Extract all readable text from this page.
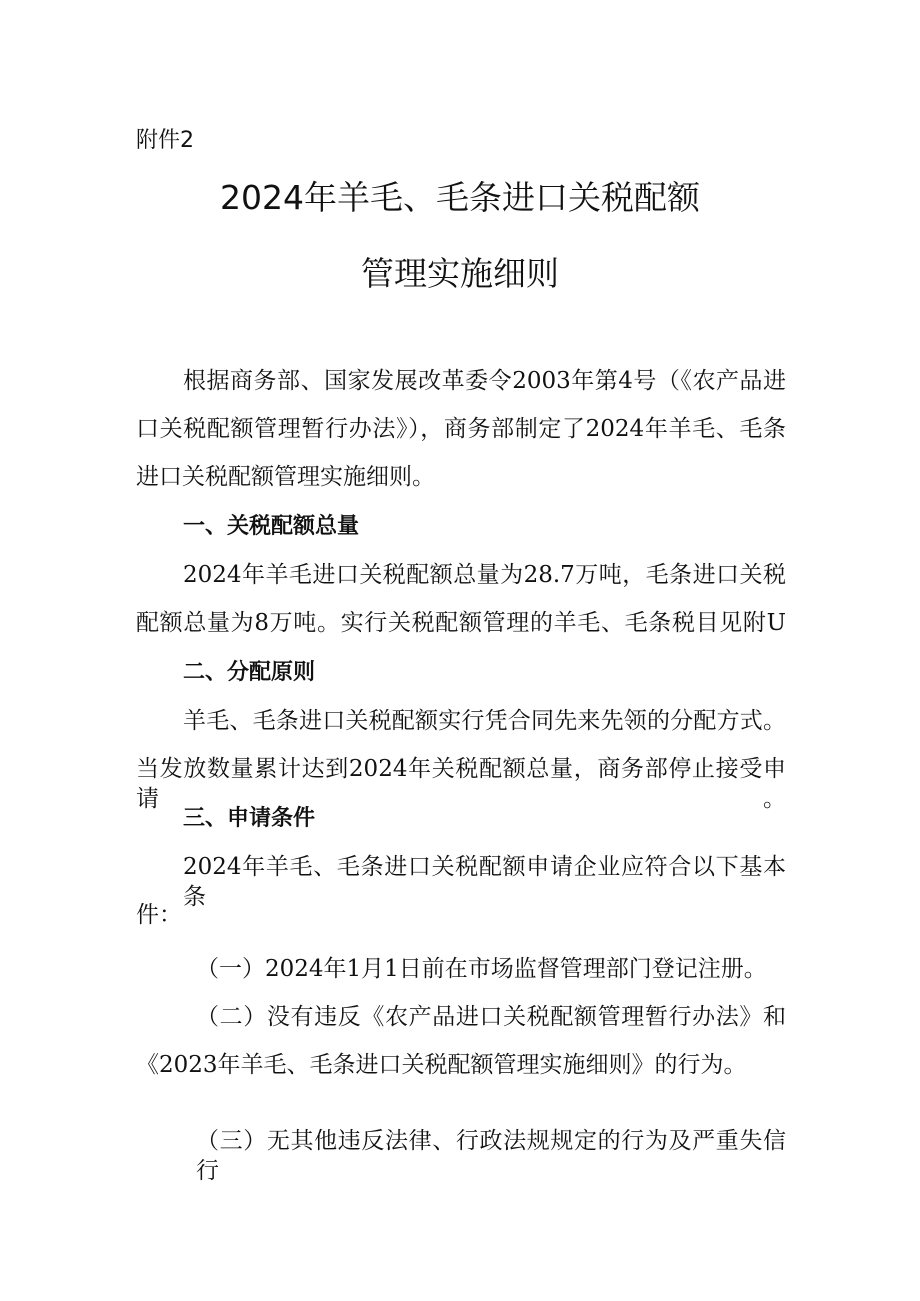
附件2
2024年羊毛、毛条进口关税配额
管理实施细则

根据商务部、国家发展改革委令2003年第4号（《农产品进

口关税配额管理暂行办法》），商务部制定了2024年羊毛、毛条

进口关税配额管理实施细则。

一、关税配额总量

2024年羊毛进口关税配额总量为28.7万吨，毛条进口关税

配额总量为8万吨。实行关税配额管理的羊毛、毛条税目见附U

二、分配原则

羊毛、毛条进口关税配额实行凭合同先来先领的分配方式。

当发放数量累计达到2024年关税配额总量，商务部停止接受申请。

三、申请条件

2024年羊毛、毛条进口关税配额申请企业应符合以下基本条

件：

（一）2024年1月1日前在市场监督管理部门登记注册。

（二）没有违反《农产品进口关税配额管理暂行办法》和

《2023年羊毛、毛条进口关税配额管理实施细则》的行为。

（三）无其他违反法律、行政法规规定的行为及严重失信行
